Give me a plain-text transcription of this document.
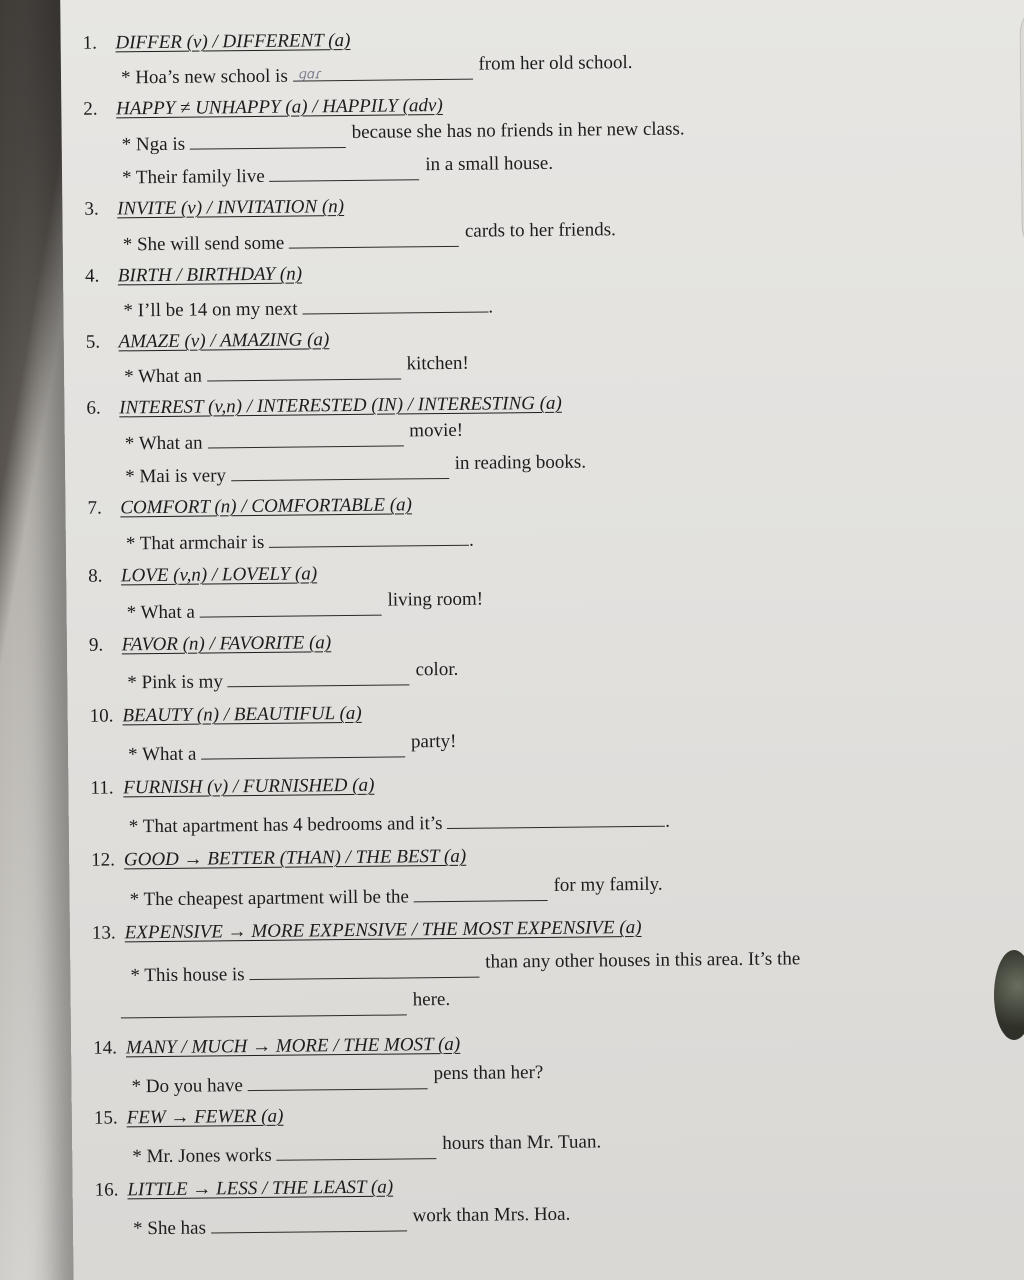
1. DIFFER (v) / DIFFERENT (a)
* Hoa’s new school is ɡɑɾ
from her old school.
2. HAPPY ≠ UNHAPPY (a) / HAPPILY (adv)
* Nga is because she has no friends in her new class.
* Their family live in a small house.
3. INVITE (v) / INVITATION (n)
* She will send some cards to her friends.
4. BIRTH / BIRTHDAY (n)
* I’ll be 14 on my next	.
5. AMAZE (v) / AMAZING (a)
* What an kitchen!
6. INTEREST (v,n) / INTERESTED (IN) / INTERESTING (a)
* What an movie!
* Mai is very in reading books.
7. COMFORT (n) / COMFORTABLE (a)
* That armchair is	.
8. LOVE (v,n) / LOVELY (a)
* What a living room!
9. FAVOR (n) / FAVORITE (a)
* Pink is my color.
10. BEAUTY (n) / BEAUTIFUL (a)
* What a party!
11. FURNISH (v) / FURNISHED (a)
* That apartment has 4 bedrooms and it’s	.
12. GOOD → BETTER (THAN) / THE BEST (a)
* The cheapest apartment will be the for my family.
13. EXPENSIVE → MORE EXPENSIVE / THE MOST EXPENSIVE (a)
* This house is than any other houses in this area. It’s the
here.
14. MANY / MUCH → MORE / THE MOST (a)
* Do you have pens than her?
15. FEW → FEWER (a)
* Mr. Jones works hours than Mr. Tuan.
16. LITTLE → LESS / THE LEAST (a)
* She has work than Mrs. Hoa.
